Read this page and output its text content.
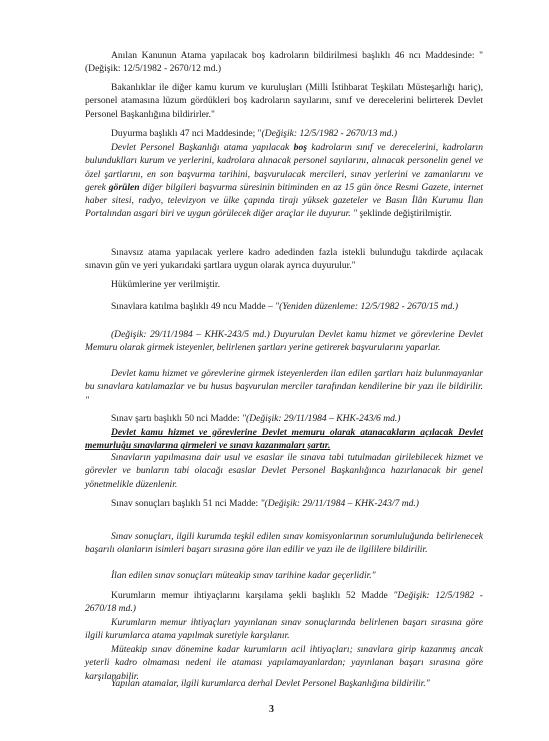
Anılan Kanunun Atama yapılacak boş kadroların bildirilmesi başlıklı 46 ncı Maddesinde: "(Değişik: 12/5/1982 - 2670/12 md.)

Bakanlıklar ile diğer kamu kurum ve kuruluşları (Milli İstihbarat Teşkilatı Müsteşarlığı hariç), personel atamasına lüzum gördükleri boş kadroların sayılarını, sınıf ve derecelerini belirterek Devlet Personel Başkanlığına bildirirler."

Duyurma başlıklı 47 nci Maddesinde; "(Değişik: 12/5/1982 - 2670/13 md.)

Devlet Personel Başkanlığı atama yapılacak boş kadroların sınıf ve derecelerini, kadroların bulunduklları kurum ve yerlerini, kadrolara alınacak personel sayılarını, alınacak personelin genel ve özel şartlarını, en son başvurma tarihini, başvurulacak mercileri, sınav yerlerini ve zamanlarını ve gerek görülen diğer bilgileri başvurma süresinin bitiminden en az 15 gün önce Resmi Gazete, internet haber sitesi, radyo, televizyon ve ülke çapında tirajı yüksek gazeteler ve Basın İlân Kurumu İlan Portalından asgari biri ve uygun görülecek diğer araçlar ile duyurur. " şeklinde değiştirilmiştir.

Sınavsız atama yapılacak yerlere kadro adedinden fazla istekli bulunduğu takdirde açılacak sınavın gün ve yeri yukarıdaki şartlara uygun olarak ayrıca duyurulur."

Hükümlerine yer verilmiştir.

Sınavlara katılma başlıklı 49 ncu Madde – "(Yeniden düzenleme: 12/5/1982 - 2670/15 md.)

(Değişik: 29/11/1984 – KHK-243/5 md.) Duyurulan Devlet kamu hizmet ve görevlerine Devlet Memuru olarak girmek isteyenler, belirlenen şartları yerine getirerek başvurularını yaparlar.

Devlet kamu hizmet ve görevlerine girmek isteyenlerden ilan edilen şartları haiz bulunmayanlar bu sınavlara katılamazlar ve bu husus başvurulan merciler tarafından kendilerine bir yazı ile bildirilir. "

Sınav şartı başlıklı 50 nci Madde: "(Değişik: 29/11/1984 – KHK-243/6 md.)

Devlet kamu hizmet ve görevlerine Devlet memuru olarak atanacakların açılacak Devlet memurluğu sınavlarına girmeleri ve sınavı kazanmaları şartır.

Sınavların yapılmasına dair usul ve esaslar ile sınava tabi tutulmadan girilebilecek hizmet ve görevler ve bunların tabi olacağı esaslar Devlet Personel Başkanlığınca hazırlanacak bir genel yönetmelikle düzenlenir.

Sınav sonuçları başlıklı 51 nci Madde: "(Değişik: 29/11/1984 – KHK-243/7 md.)

Sınav sonuçları, ilgili kurumda teşkil edilen sınav komisyonlarının sorumluluğunda belirlenecek başarılı olanların isimleri başarı sırasına göre ilan edilir ve yazı ile de ilgililere bildirilir.

İlan edilen sınav sonuçları müteakip sınav tarihine kadar geçerlidir."

Kurumların memur ihtiyaçlarını karşılama şekli başlıklı 52 Madde "Değişik: 12/5/1982 - 2670/18 md.)

Kurumların memur ihtiyaçları yayınlanan sınav sonuçlarında belirlenen başarı sırasına göre ilgili kurumlarca atama yapılmak suretiyle karşılanır.

Müteakip sınav dönemine kadar kurumların acil ihtiyaçları; sınavlara girip kazanmış ancak yeterli kadro olmaması nedeni ile ataması yapılamayanlardan; yayınlanan başarı sırasına göre karşılanabilir.

Yapılan atamalar, ilgili kurumlarca derhal Devlet Personel Başkanlığına bildirilir."

3
